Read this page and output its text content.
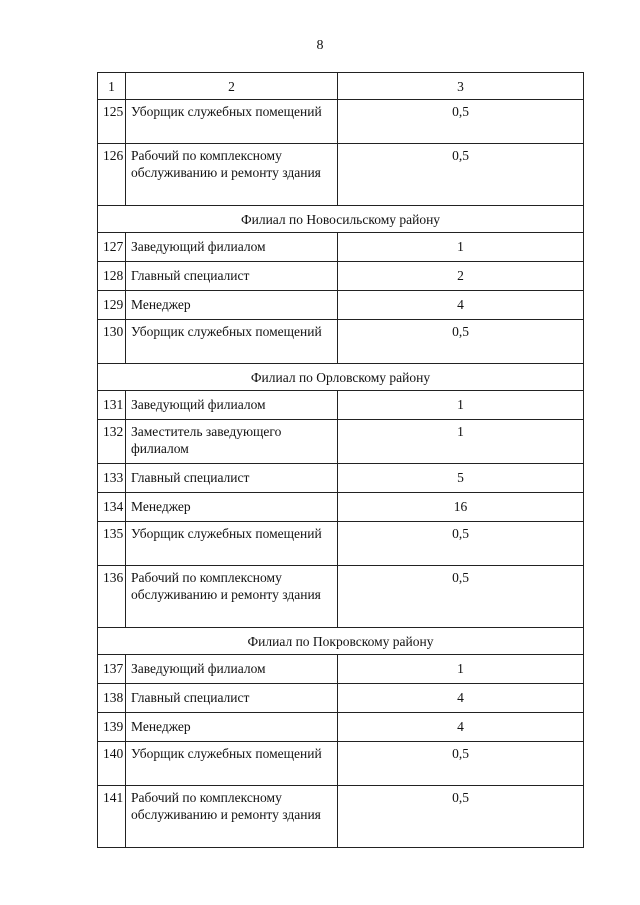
8
1	2	3
125	Уборщик служебных помещений	0,5
126	Рабочий по комплексному обслуживанию и ремонту здания	0,5
Филиал по Новосильскому району		
127	Заведующий филиалом	1
128	Главный специалист	2
129	Менеджер	4
130	Уборщик служебных помещений	0,5
Филиал по Орловскому району		
131	Заведующий филиалом	1
132	Заместитель заведующего филиалом	1
133	Главный специалист	5
134	Менеджер	16
135	Уборщик служебных помещений	0,5
136	Рабочий по комплексному обслуживанию и ремонту здания	0,5
Филиал по Покровскому району		
137	Заведующий филиалом	1
138	Главный специалист	4
139	Менеджер	4
140	Уборщик служебных помещений	0,5
141	Рабочий по комплексному обслуживанию и ремонту здания	0,5
